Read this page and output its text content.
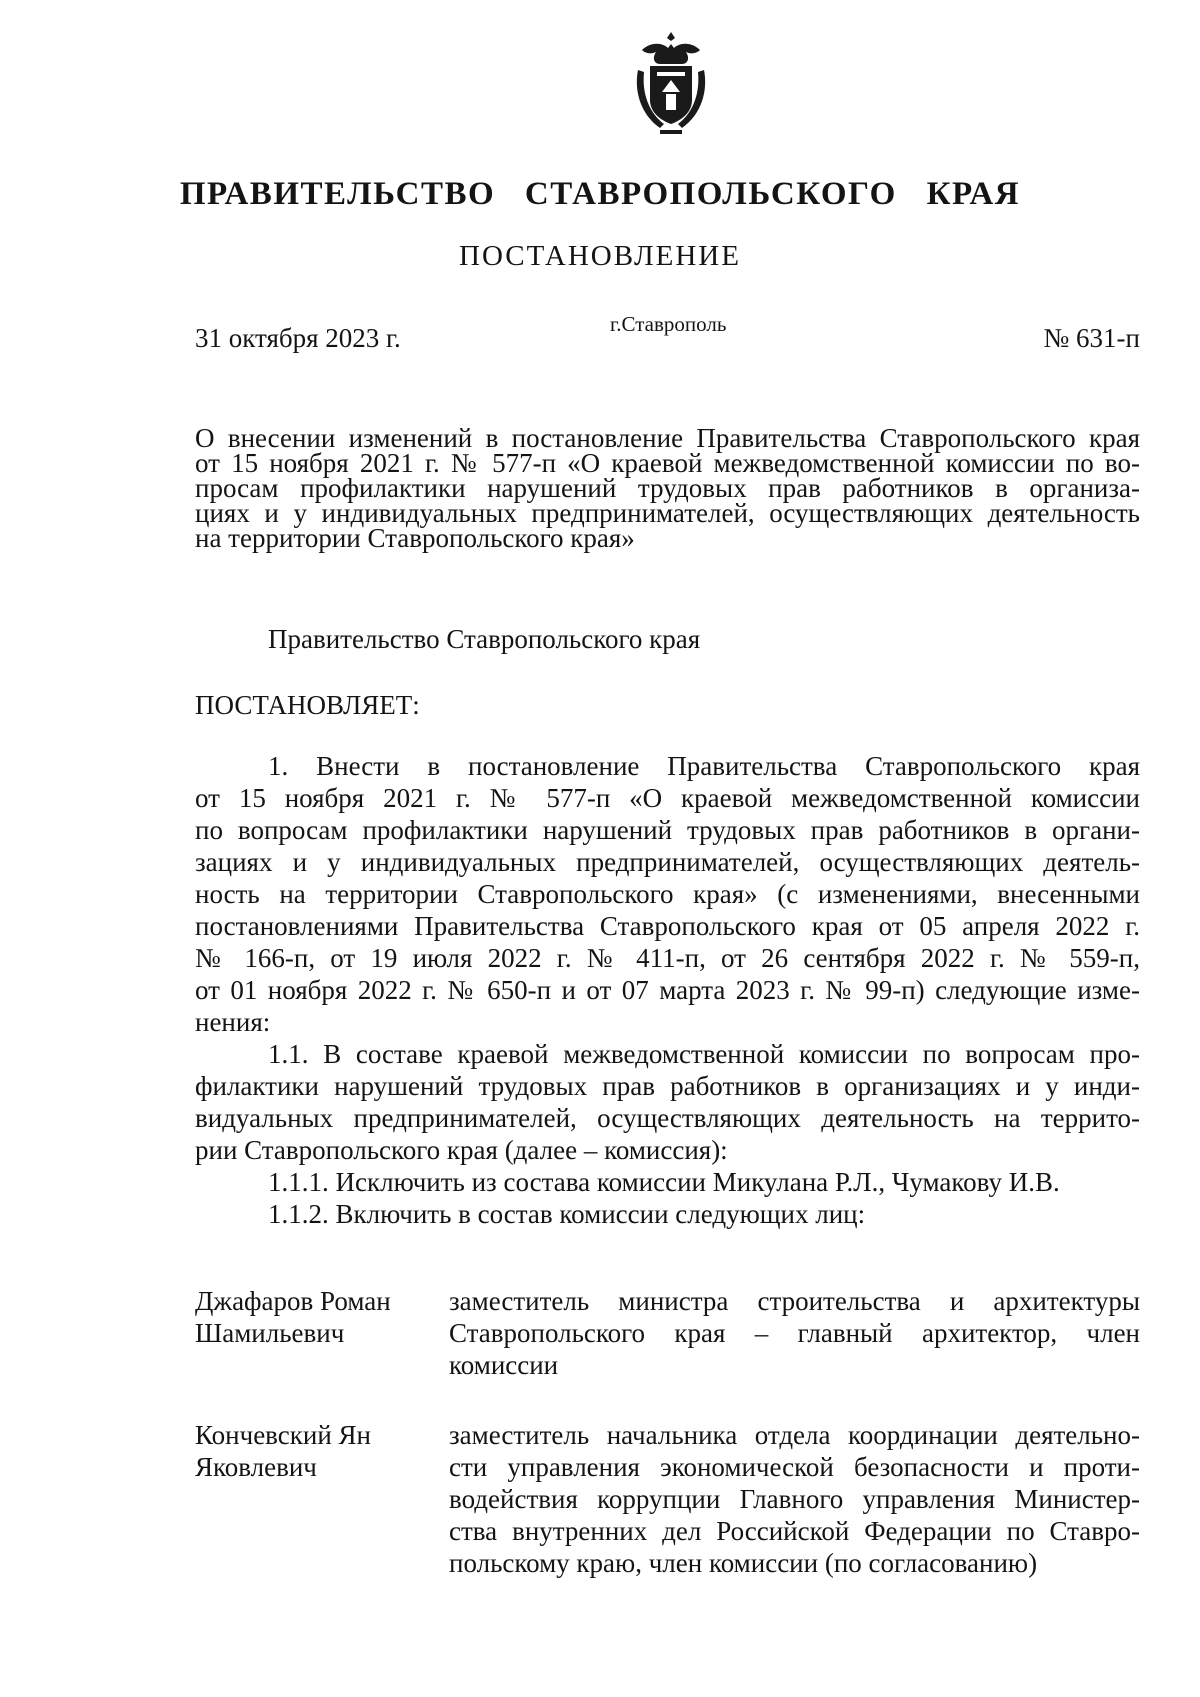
ПРАВИТЕЛЬСТВО СТАВРОПОЛЬСКОГО КРАЯ
ПОСТАНОВЛЕНИЕ
31 октября 2023 г.	г.Ставрополь	№ 631-п
О внесении изменений в постановление Правительства Ставропольского края
от 15 ноября 2021 г. № 577-п «О краевой межведомственной комиссии по во-
просам профилактики нарушений трудовых прав работников в организа-
циях и у индивидуальных предпринимателей, осуществляющих деятельность
на территории Ставропольского края»
Правительство Ставропольского края
ПОСТАНОВЛЯЕТ:
1. Внести в постановление Правительства Ставропольского края
от 15 ноября 2021 г. № 577-п «О краевой межведомственной комиссии
по вопросам профилактики нарушений трудовых прав работников в органи-
зациях и у индивидуальных предпринимателей, осуществляющих деятель-
ность на территории Ставропольского края» (с изменениями, внесенными
постановлениями Правительства Ставропольского края от 05 апреля 2022 г.
№ 166-п, от 19 июля 2022 г. № 411-п, от 26 сентября 2022 г. № 559-п,
от 01 ноября 2022 г. № 650-п и от 07 марта 2023 г. № 99-п) следующие изме-
нения:
1.1. В составе краевой межведомственной комиссии по вопросам про-
филактики нарушений трудовых прав работников в организациях и у инди-
видуальных предпринимателей, осуществляющих деятельность на террито-
рии Ставропольского края (далее – комиссия):
1.1.1. Исключить из состава комиссии Микулана Р.Л., Чумакову И.В.
1.1.2. Включить в состав комиссии следующих лиц:
Джафаров Роман
Шамильевич
заместитель министра строительства и архитектуры
Ставропольского края – главный архитектор, член
комиссии
Кончевский Ян
Яковлевич
заместитель начальника отдела координации деятельно-
сти управления экономической безопасности и проти-
водействия коррупции Главного управления Министер-
ства внутренних дел Российской Федерации по Ставро-
польскому краю, член комиссии (по согласованию)
